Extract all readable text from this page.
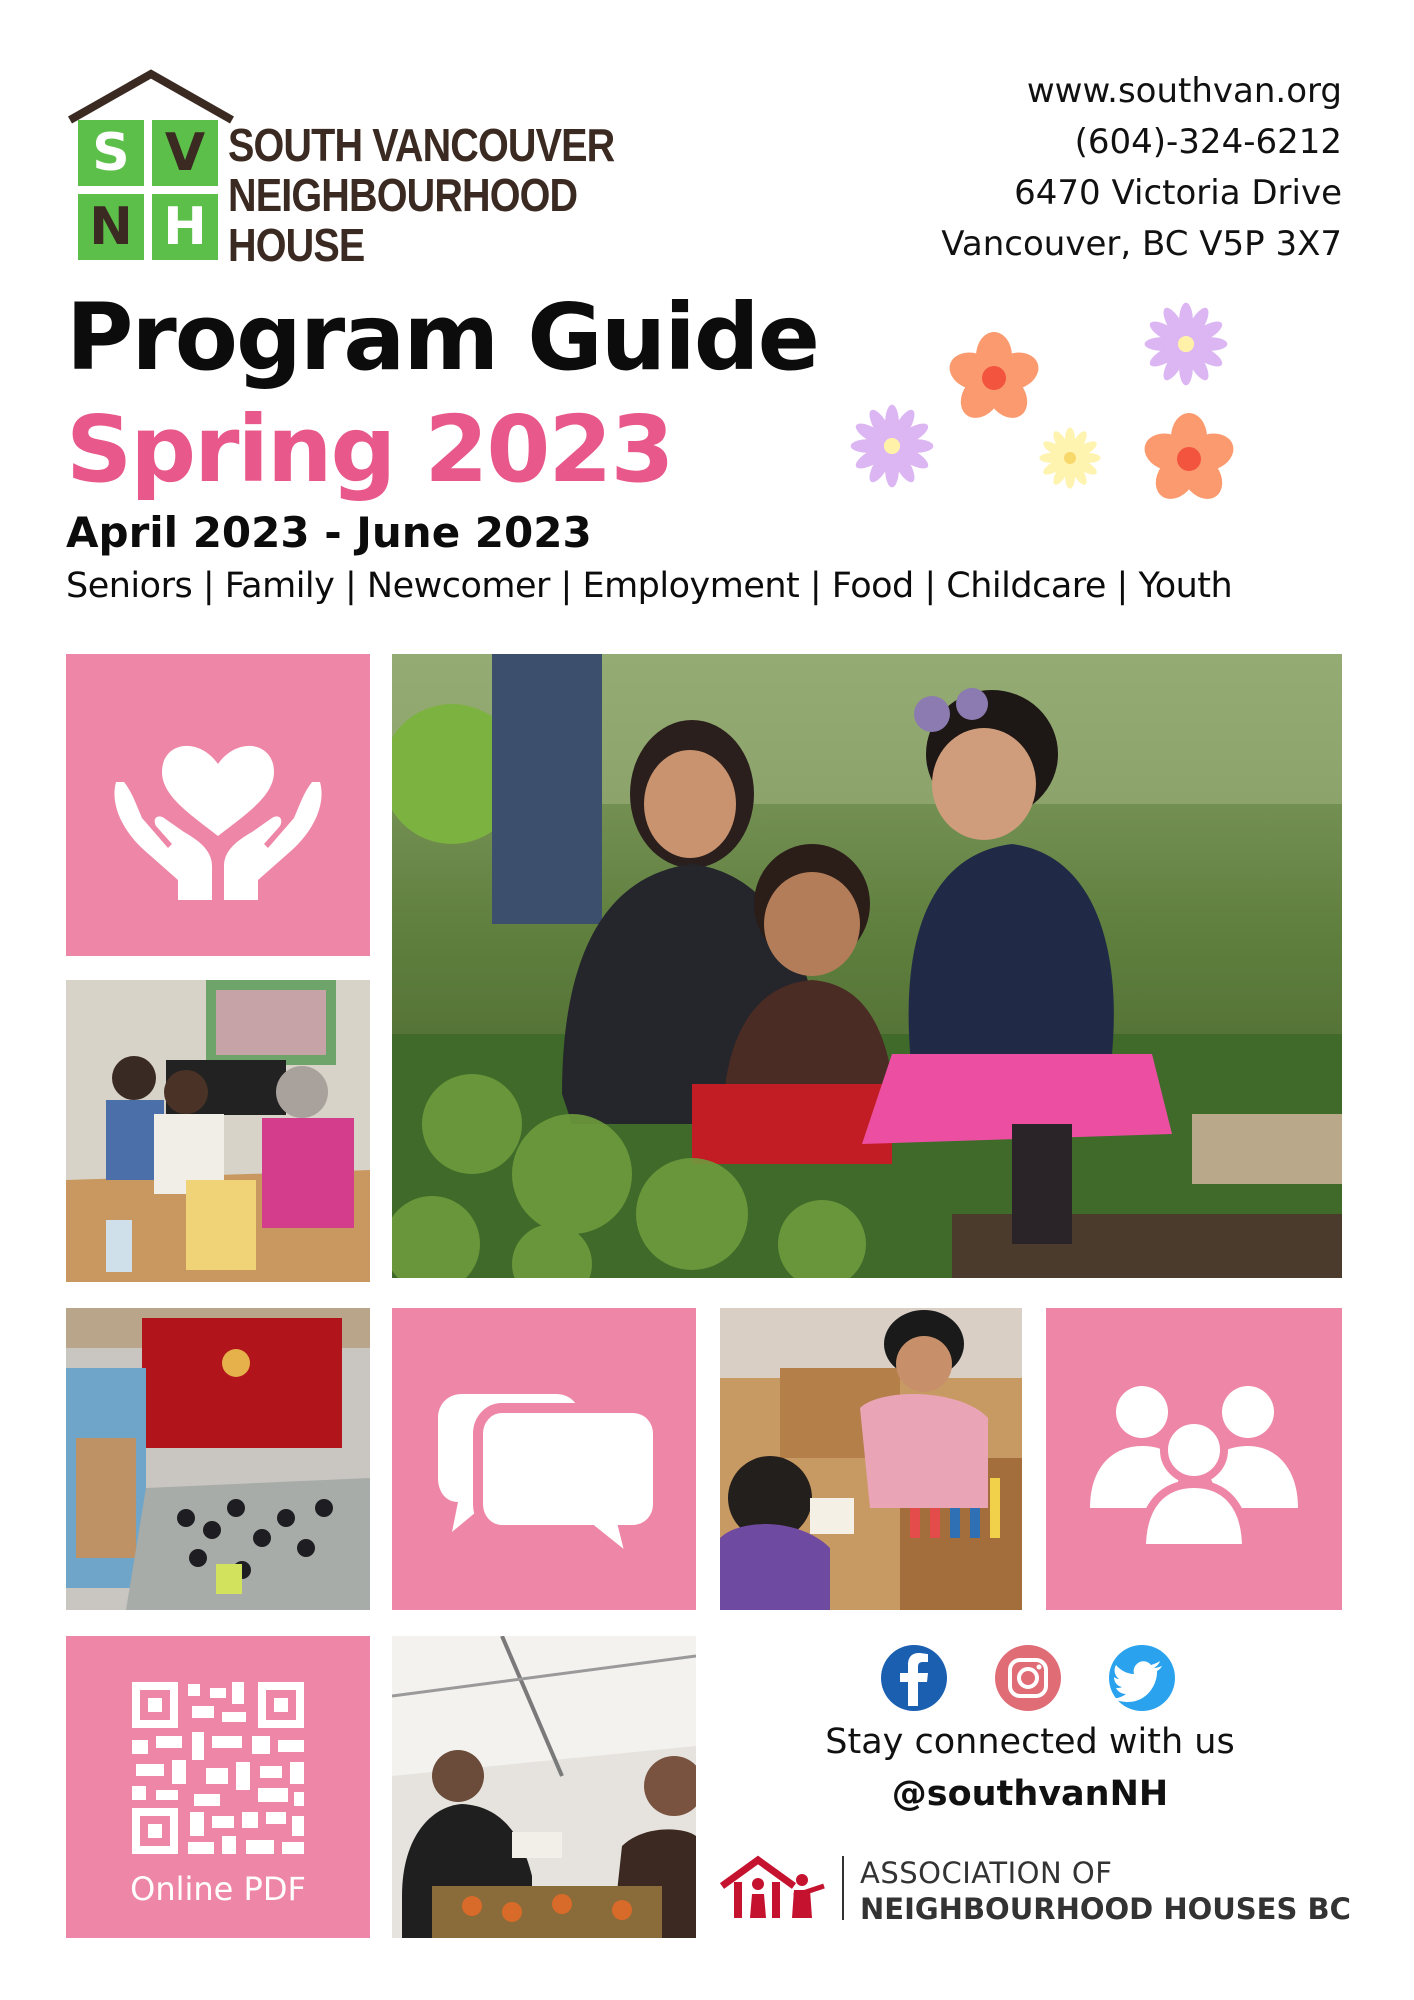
S V
N H
SOUTH VANCOUVER
NEIGHBOURHOOD
HOUSE
www.southvan.org
(604)-324-6212
6470 Victoria Drive
Vancouver, BC V5P 3X7
Program Guide
Spring 2023
April 2023 - June 2023
Seniors | Family | Newcomer | Employment | Food | Childcare | Youth
Online PDF
Stay connected with us
@southvanNH
ASSOCIATION OF
NEIGHBOURHOOD HOUSES BC
